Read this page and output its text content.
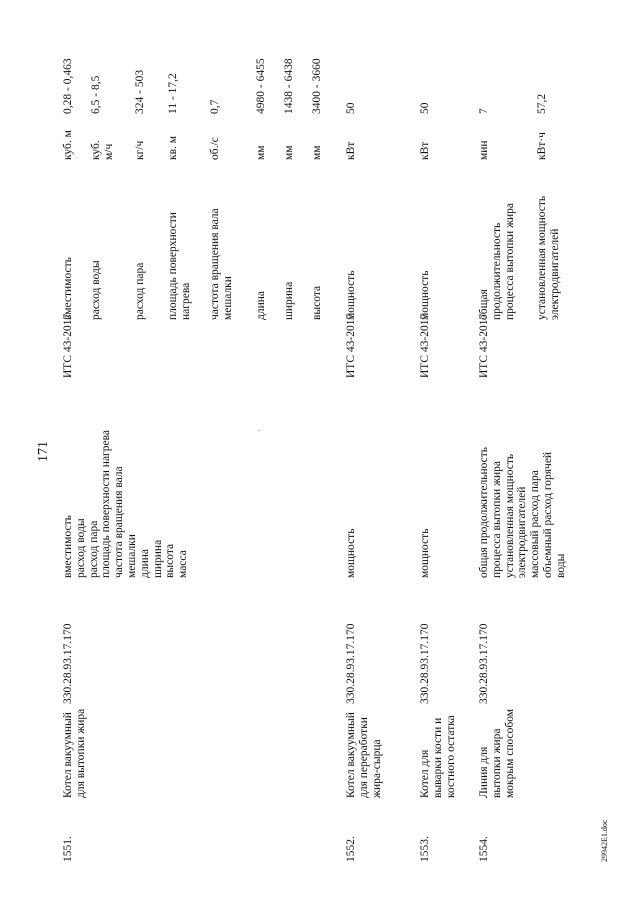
171
29942E1.doc
1551.
Котел вакуумный для вытопки жира
330.28.93.17.170
вместимость расход воды расход пара площадь поверхности нагрева частота вращения вала мешалки длина ширина высота масса
ИТС 43-2017
вместимость
куб. м
0,28 - 0,463
расход воды
куб. м/ч
6,5 - 8,5
расход пара
кг/ч
324 - 503
площадь поверхности нагрева
кв. м
11 - 17,2
частота вращения вала мешалки
об./с
0,7
длина
мм
4980 - 6455
ширина
мм
1438 - 6438
высота
мм
3400 - 3660
1552.
Котел вакуумный для переработки жира-сырца
330.28.93.17.170
мощность
ИТС 43-2017
мощность
кВт
50
1553.
Котел для выварки кости и костного остатка
330.28.93.17.170
мощность
ИТС 43-2017
мощность
кВт
50
1554.
Линия для вытопки жира мокрым способом
330.28.93.17.170
общая продолжительность процесса вытопки жира установленная мощность электродвигателей массовый расход пара объемный расход горячей воды
ИТС 43-2017
общая продолжительность процесса вытопки жира
мин
7
установленная мощность электродвигателей
кВт·ч
57,2
